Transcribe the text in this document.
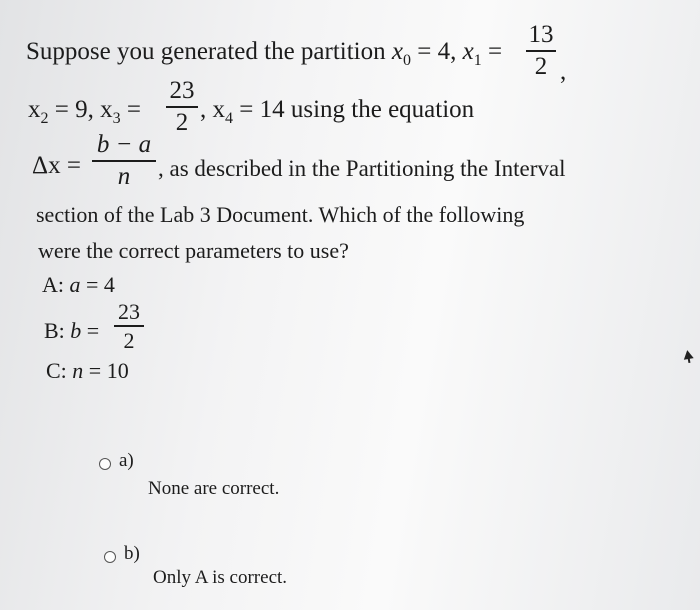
Suppose you generated the partition $x_0 = 4$, $x_1$ =
13
2 ,
$x_2 = 9$, $x_3$ =
23
2 , $x_4 = 14$ using the equation
Δx =
b − a
n	, as described in the Partitioning the Interval
section of the Lab 3 Document. Which of the following
were the correct parameters to use?
A: a = 4
B: b =
23
2
C: n = 10
a)
None are correct.
b)
Only A is correct.
